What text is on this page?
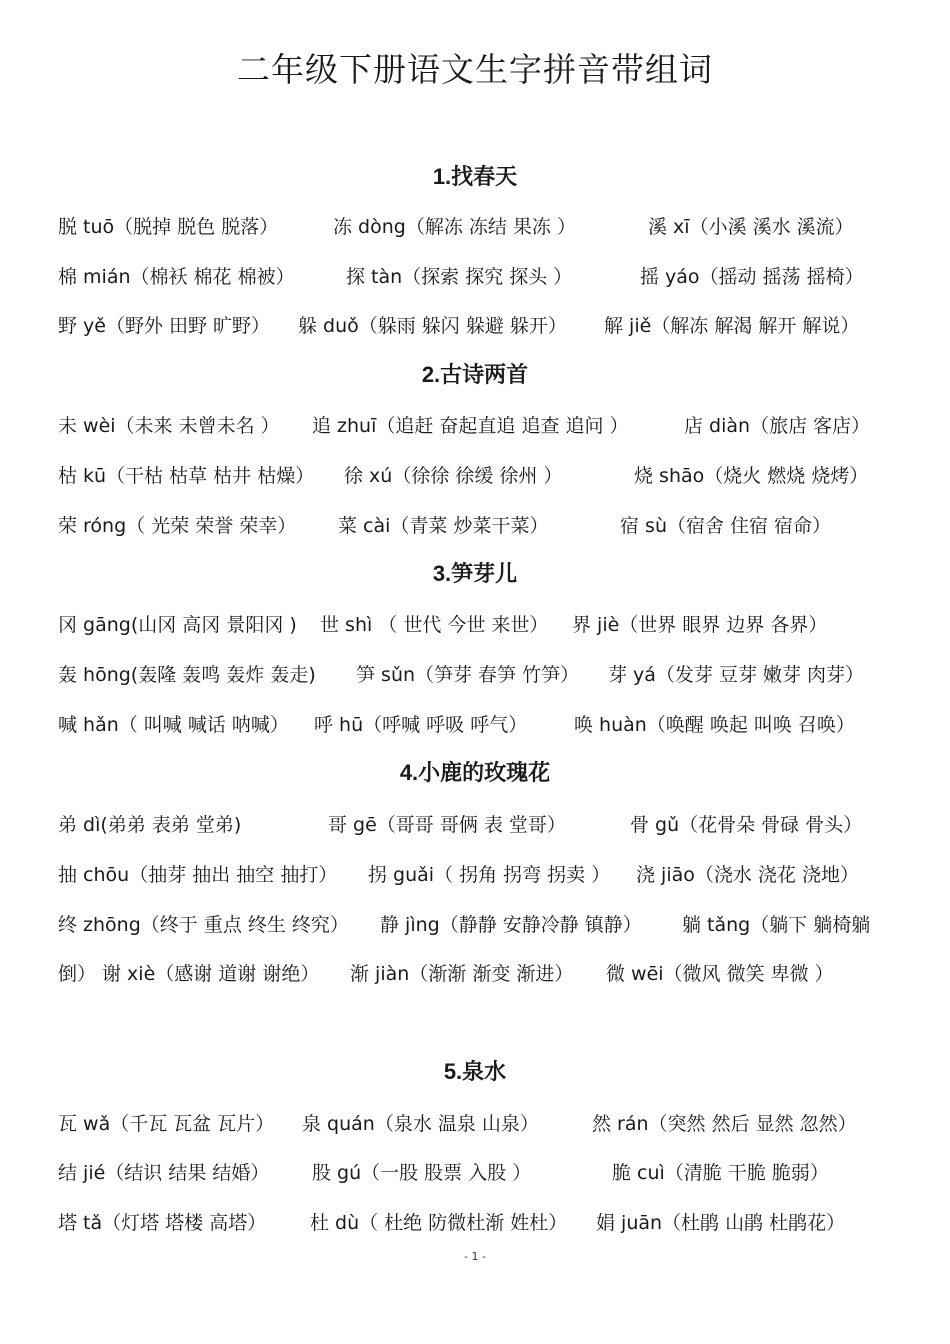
二年级下册语文生字拼音带组词
1.找春天
脱 tuō（脱掉 脱色 脱落）	冻 dòng（解冻 冻结 果冻 ）	溪 xī（小溪 溪水 溪流）
棉 mián（棉袄 棉花 棉被）	探 tàn（探索 探究 探头 ）	摇 yáo（摇动 摇荡 摇椅）
野 yě（野外 田野 旷野） 躲 duǒ（躲雨 躲闪 躲避 躲开） 解 jiě（解冻 解渴 解开 解说）
2.古诗两首
未 wèi（未来 未曾未名 ） 追 zhuī（追赶 奋起直追 追查 追问 ）	店 diàn（旅店 客店）
枯 kū（干枯 枯草 枯井 枯燥） 徐 xú（徐徐 徐缓 徐州 ）	烧 shāo（烧火 燃烧 烧烤）
荣 róng（ 光荣 荣誉 荣幸） 菜 cài（青菜 炒菜干菜）	宿 sù（宿舍 住宿 宿命）
3.笋芽儿
冈 gāng(山冈 高冈 景阳冈 ) 世 shì （ 世代 今世 来世） 界 jiè（世界 眼界 边界 各界）
轰 hōng(轰隆 轰鸣 轰炸 轰走) 笋 sǔn（笋芽 春笋 竹笋） 芽 yá（发芽 豆芽 嫩芽 肉芽）
喊 hǎn（ 叫喊 喊话 呐喊） 呼 hū（呼喊 呼吸 呼气） 唤 huàn（唤醒 唤起 叫唤 召唤）
4.小鹿的玫瑰花
弟 dì(弟弟 表弟 堂弟)	哥 gē（哥哥 哥俩 表 堂哥）	骨 gǔ（花骨朵 骨碌 骨头）
抽 chōu（抽芽 抽出 抽空 抽打） 拐 guǎi（ 拐角 拐弯 拐卖 ） 浇 jiāo（浇水 浇花 浇地）
终 zhōng（终于 重点 终生 终究） 静 jìng（静静 安静冷静 镇静） 躺 tǎng（躺下 躺椅躺
倒） 谢 xiè（感谢 道谢 谢绝） 渐 jiàn（渐渐 渐变 渐进） 微 wēi（微风 微笑 卑微 ）
5.泉水
瓦 wǎ（千瓦 瓦盆 瓦片） 泉 quán（泉水 温泉 山泉）	然 rán（突然 然后 显然 忽然）
结 jié（结识 结果 结婚） 股 gú（一股 股票 入股 ）	脆 cuì（清脆 干脆 脆弱）
塔 tǎ（灯塔 塔楼 高塔） 杜 dù（ 杜绝 防微杜渐 姓杜） 娟 juān（杜鹃 山鹃 杜鹃花）
- 1 -
